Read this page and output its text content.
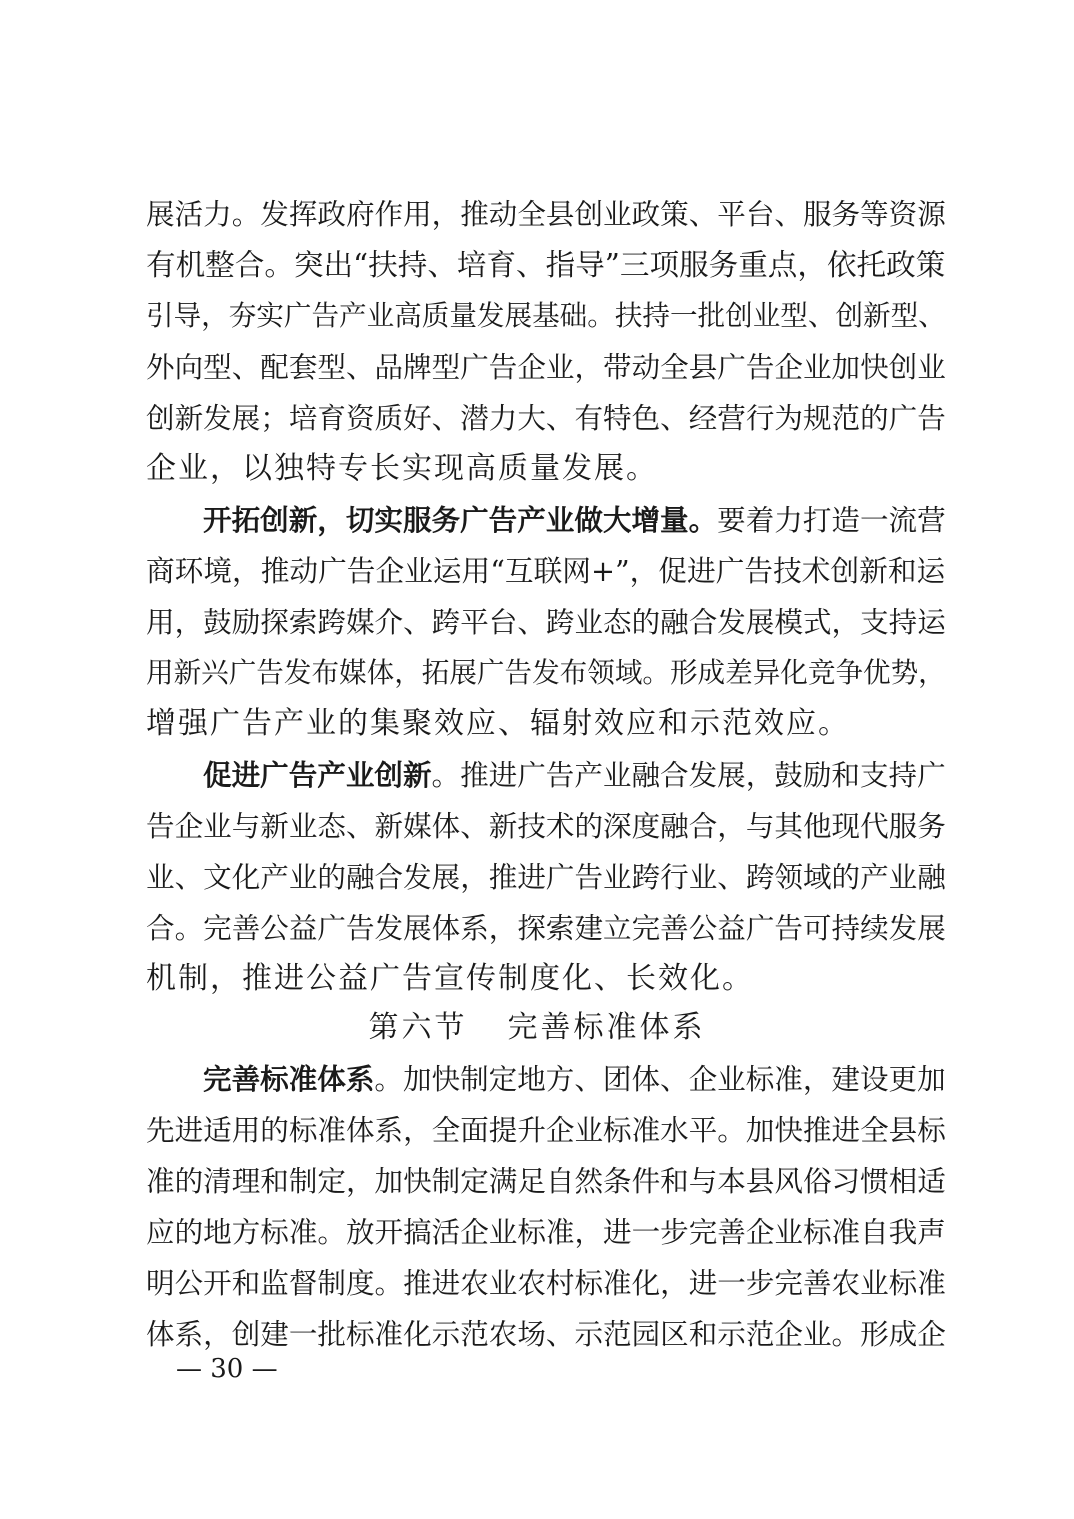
展活力。发挥政府作用，推动全县创业政策、平台、服务等资源
有机整合。突出“扶持、培育、指导”三项服务重点，依托政策
引导，夯实广告产业高质量发展基础。扶持一批创业型、创新型、
外向型、配套型、品牌型广告企业，带动全县广告企业加快创业
创新发展；培育资质好、潜力大、有特色、经营行为规范的广告
企业，以独特专长实现高质量发展。
开拓创新，切实服务广告产业做大增量。要着力打造一流营
商环境，推动广告企业运用“互联网+”，促进广告技术创新和运
用，鼓励探索跨媒介、跨平台、跨业态的融合发展模式，支持运
用新兴广告发布媒体，拓展广告发布领域。形成差异化竞争优势，
增强广告产业的集聚效应、辐射效应和示范效应。
促进广告产业创新。推进广告产业融合发展，鼓励和支持广
告企业与新业态、新媒体、新技术的深度融合，与其他现代服务
业、文化产业的融合发展，推进广告业跨行业、跨领域的产业融
合。完善公益广告发展体系，探索建立完善公益广告可持续发展
机制，推进公益广告宣传制度化、长效化。
第六节 完善标准体系
完善标准体系。加快制定地方、团体、企业标准，建设更加
先进适用的标准体系，全面提升企业标准水平。加快推进全县标
准的清理和制定，加快制定满足自然条件和与本县风俗习惯相适
应的地方标准。放开搞活企业标准，进一步完善企业标准自我声
明公开和监督制度。推进农业农村标准化，进一步完善农业标准
体系，创建一批标准化示范农场、示范园区和示范企业。形成企
— 30 —
